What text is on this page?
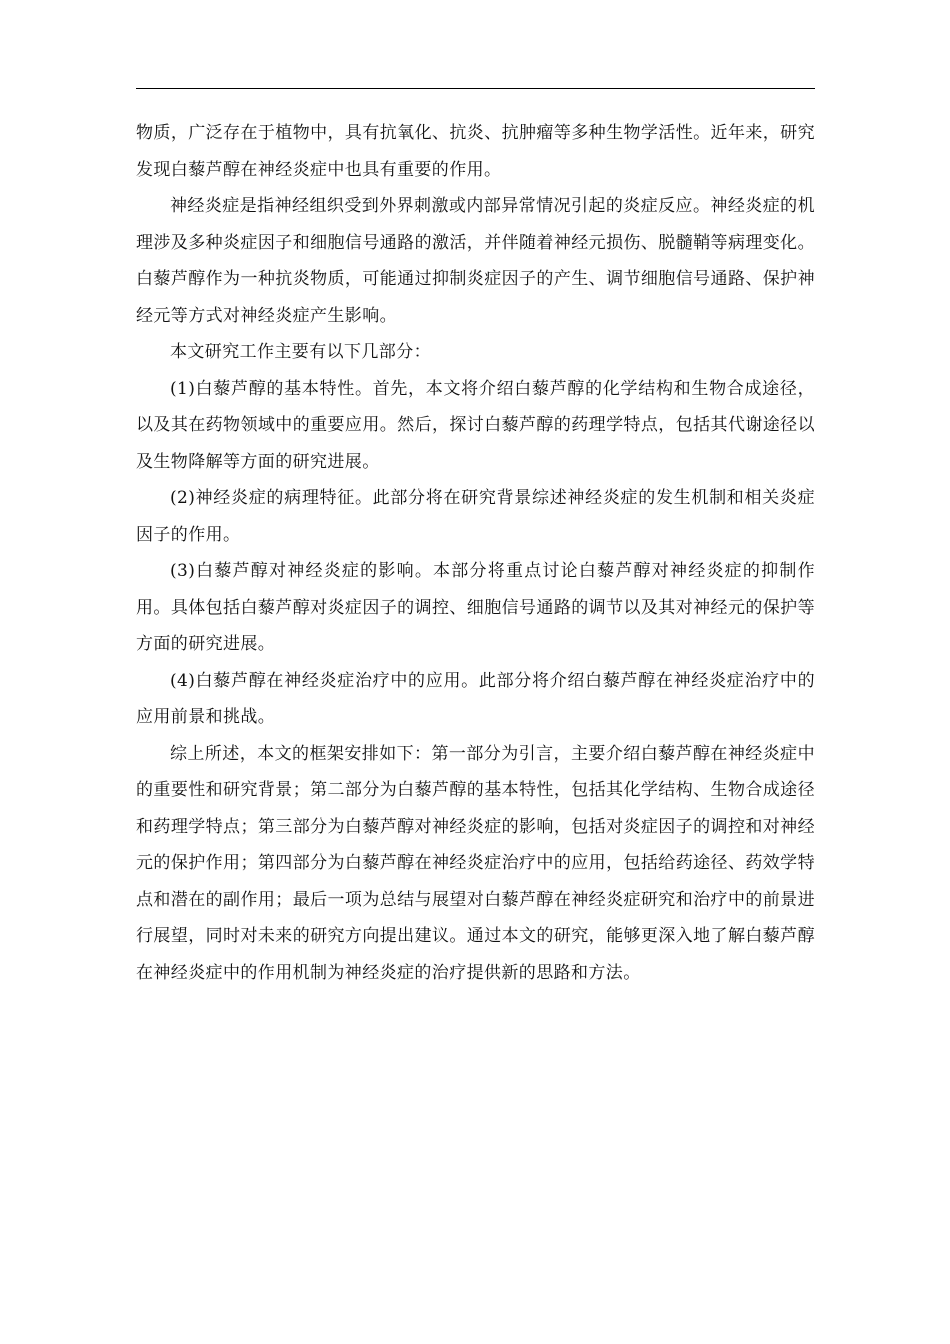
物质，广泛存在于植物中，具有抗氧化、抗炎、抗肿瘤等多种生物学活性。近年来，研究发现白藜芦醇在神经炎症中也具有重要的作用。

神经炎症是指神经组织受到外界刺激或内部异常情况引起的炎症反应。神经炎症的机理涉及多种炎症因子和细胞信号通路的激活，并伴随着神经元损伤、脱髓鞘等病理变化。白藜芦醇作为一种抗炎物质，可能通过抑制炎症因子的产生、调节细胞信号通路、保护神经元等方式对神经炎症产生影响。

本文研究工作主要有以下几部分：

(1)白藜芦醇的基本特性。首先，本文将介绍白藜芦醇的化学结构和生物合成途径，以及其在药物领域中的重要应用。然后，探讨白藜芦醇的药理学特点，包括其代谢途径以及生物降解等方面的研究进展。

(2)神经炎症的病理特征。此部分将在研究背景综述神经炎症的发生机制和相关炎症因子的作用。

(3)白藜芦醇对神经炎症的影响。本部分将重点讨论白藜芦醇对神经炎症的抑制作用。具体包括白藜芦醇对炎症因子的调控、细胞信号通路的调节以及其对神经元的保护等方面的研究进展。

(4)白藜芦醇在神经炎症治疗中的应用。此部分将介绍白藜芦醇在神经炎症治疗中的应用前景和挑战。

综上所述，本文的框架安排如下：第一部分为引言，主要介绍白藜芦醇在神经炎症中的重要性和研究背景；第二部分为白藜芦醇的基本特性，包括其化学结构、生物合成途径和药理学特点；第三部分为白藜芦醇对神经炎症的影响，包括对炎症因子的调控和对神经元的保护作用；第四部分为白藜芦醇在神经炎症治疗中的应用，包括给药途径、药效学特点和潜在的副作用；最后一项为总结与展望对白藜芦醇在神经炎症研究和治疗中的前景进行展望，同时对未来的研究方向提出建议。通过本文的研究，能够更深入地了解白藜芦醇在神经炎症中的作用机制为神经炎症的治疗提供新的思路和方法。
